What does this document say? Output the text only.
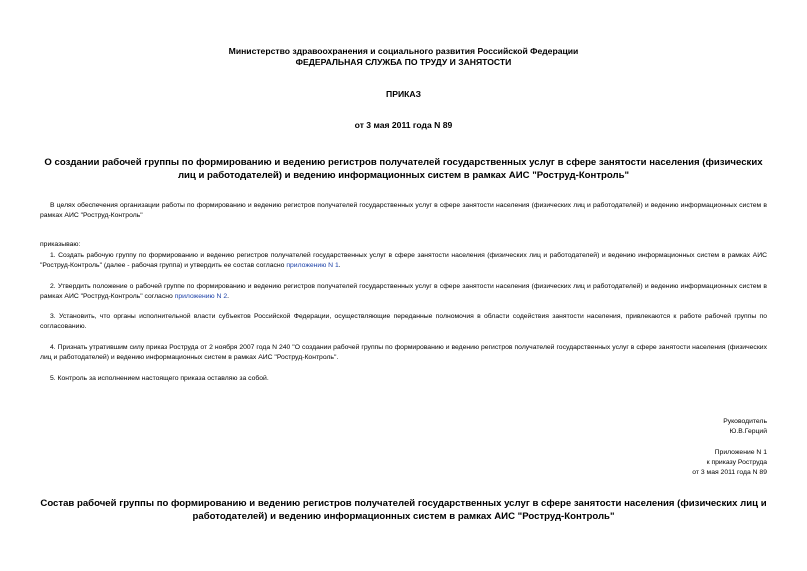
Министерство здравоохранения и социального развития Российской Федерации
ФЕДЕРАЛЬНАЯ СЛУЖБА ПО ТРУДУ И ЗАНЯТОСТИ
ПРИКАЗ
от 3 мая 2011 года N 89
О создании рабочей группы по формированию и ведению регистров получателей государственных услуг в сфере занятости населения (физических лиц и работодателей) и ведению информационных систем в рамках АИС "Роструд-Контроль"
В целях обеспечения организации работы по формированию и ведению регистров получателей государственных услуг в сфере занятости населения (физических лиц и работодателей) и ведению информационных систем в рамках АИС "Роструд-Контроль"
приказываю:
1. Создать рабочую группу по формированию и ведению регистров получателей государственных услуг в сфере занятости населения (физических лиц и работодателей) и ведению информационных систем в рамках АИС "Роструд-Контроль" (далее - рабочая группа) и утвердить ее состав согласно приложению N 1.
2. Утвердить положение о рабочей группе по формированию и ведению регистров получателей государственных услуг в сфере занятости населения (физических лиц и работодателей) и ведению информационных систем в рамках АИС "Роструд-Контроль" согласно приложению N 2.
3. Установить, что органы исполнительной власти субъектов Российской Федерации, осуществляющие переданные полномочия в области содействия занятости населения, привлекаются к работе рабочей группы по согласованию.
4. Признать утратившим силу приказ Роструда от 2 ноября 2007 года N 240 "О создании рабочей группы по формированию и ведению регистров получателей государственных услуг в сфере занятости населения (физических лиц и работодателей) и ведению информационных систем в рамках АИС "Роструд-Контроль".
5. Контроль за исполнением настоящего приказа оставляю за собой.
Руководитель
Ю.В.Герций
Приложение N 1
к приказу Роструда
от 3 мая 2011 года N 89
Состав рабочей группы по формированию и ведению регистров получателей государственных услуг в сфере занятости населения (физических лиц и работодателей) и ведению информационных систем в рамках АИС "Роструд-Контроль"
